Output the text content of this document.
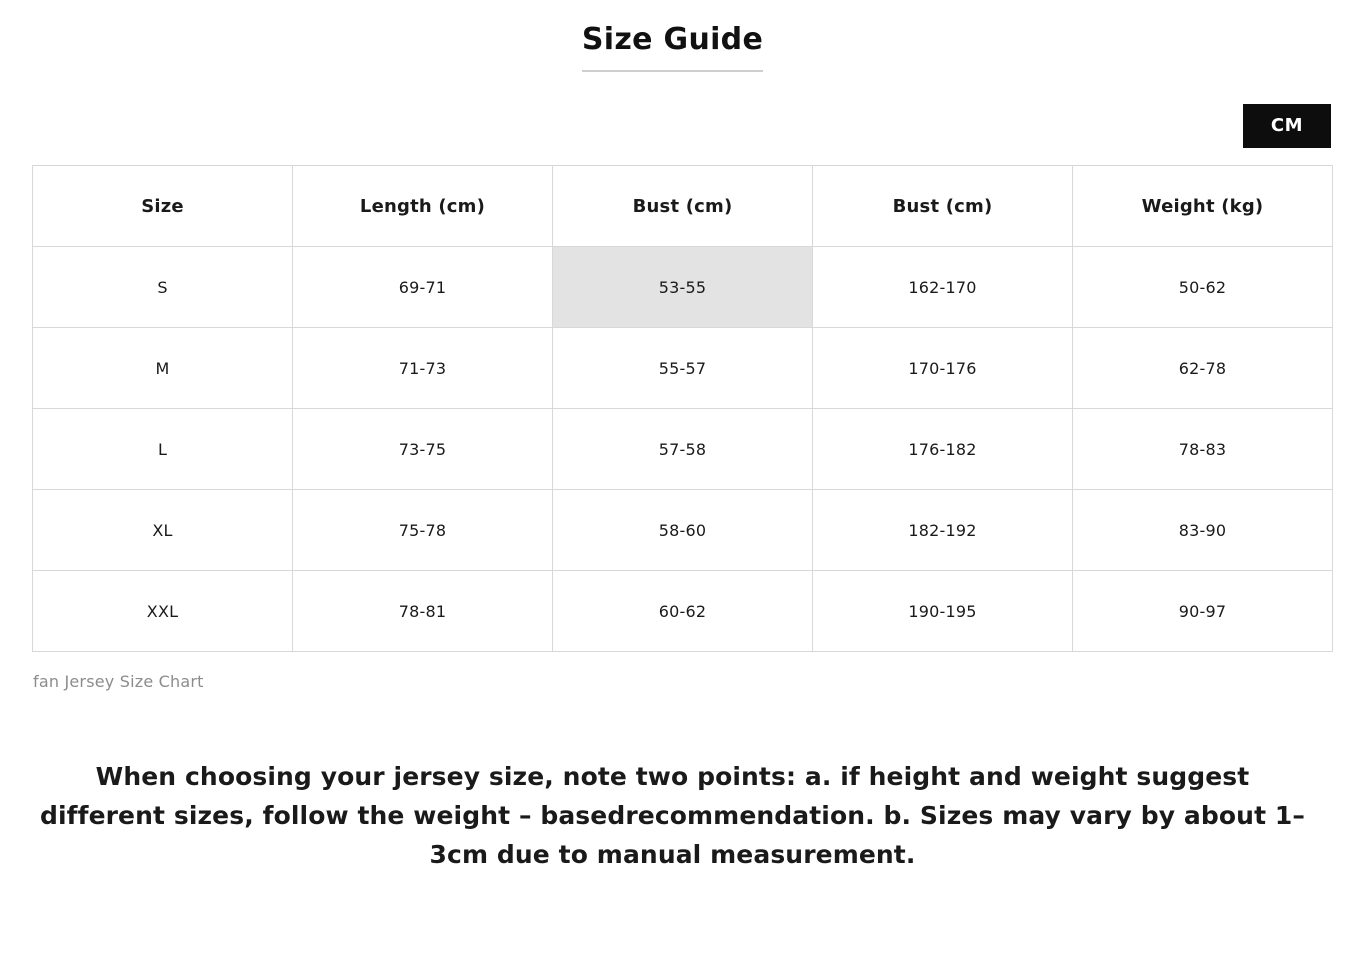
Size Guide
CM
Size	Length (cm)	Bust (cm)	Bust (cm)	Weight (kg)
S	69-71	53-55	162-170	50-62
M	71-73	55-57	170-176	62-78
L	73-75	57-58	176-182	78-83
XL	75-78	58-60	182-192	83-90
XXL	78-81	60-62	190-195	90-97
fan Jersey Size Chart
When choosing your jersey size, note two points: a. if height and weight suggest different sizes, follow the weight – basedrecommendation. b. Sizes may vary by about 1– 3cm due to manual measurement.
